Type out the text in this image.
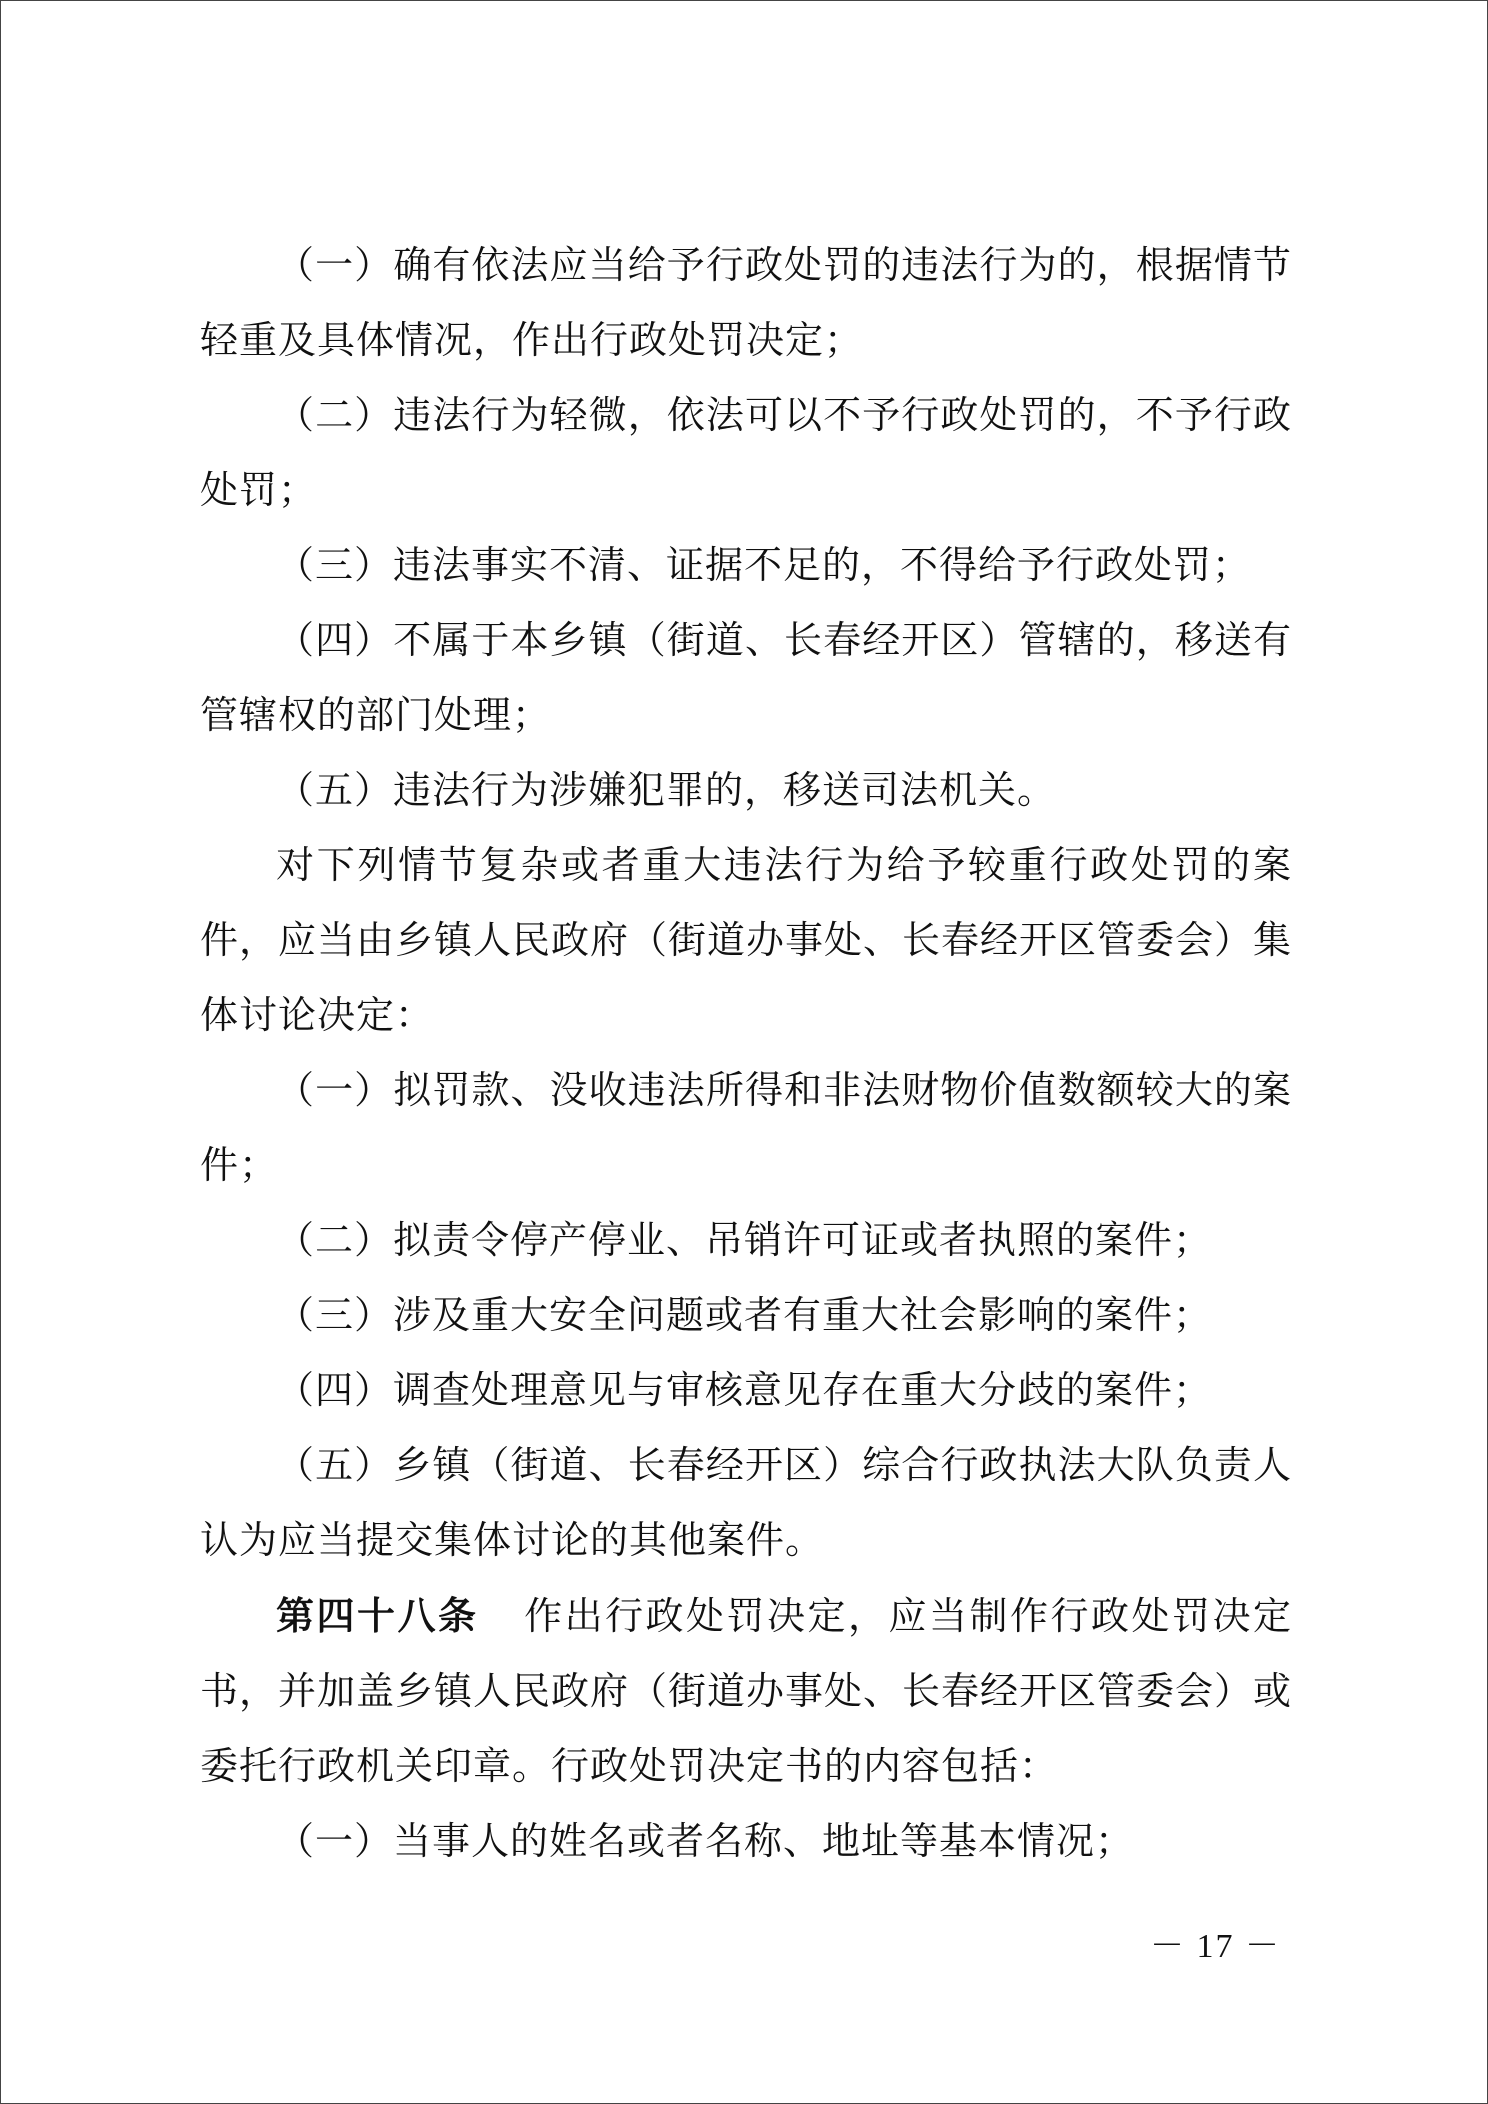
（一）确有依法应当给予行政处罚的违法行为的，根据情节轻重及具体情况，作出行政处罚决定；

（二）违法行为轻微，依法可以不予行政处罚的，不予行政处罚；

（三）违法事实不清、证据不足的，不得给予行政处罚；

（四）不属于本乡镇（街道、长春经开区）管辖的，移送有管辖权的部门处理；

（五）违法行为涉嫌犯罪的，移送司法机关。

对下列情节复杂或者重大违法行为给予较重行政处罚的案件，应当由乡镇人民政府（街道办事处、长春经开区管委会）集体讨论决定：

（一）拟罚款、没收违法所得和非法财物价值数额较大的案件；

（二）拟责令停产停业、吊销许可证或者执照的案件；

（三）涉及重大安全问题或者有重大社会影响的案件；

（四）调查处理意见与审核意见存在重大分歧的案件；

（五）乡镇（街道、长春经开区）综合行政执法大队负责人认为应当提交集体讨论的其他案件。

第四十八条 作出行政处罚决定，应当制作行政处罚决定书，并加盖乡镇人民政府（街道办事处、长春经开区管委会）或委托行政机关印章。行政处罚决定书的内容包括：

（一）当事人的姓名或者名称、地址等基本情况；

－ 17 －
